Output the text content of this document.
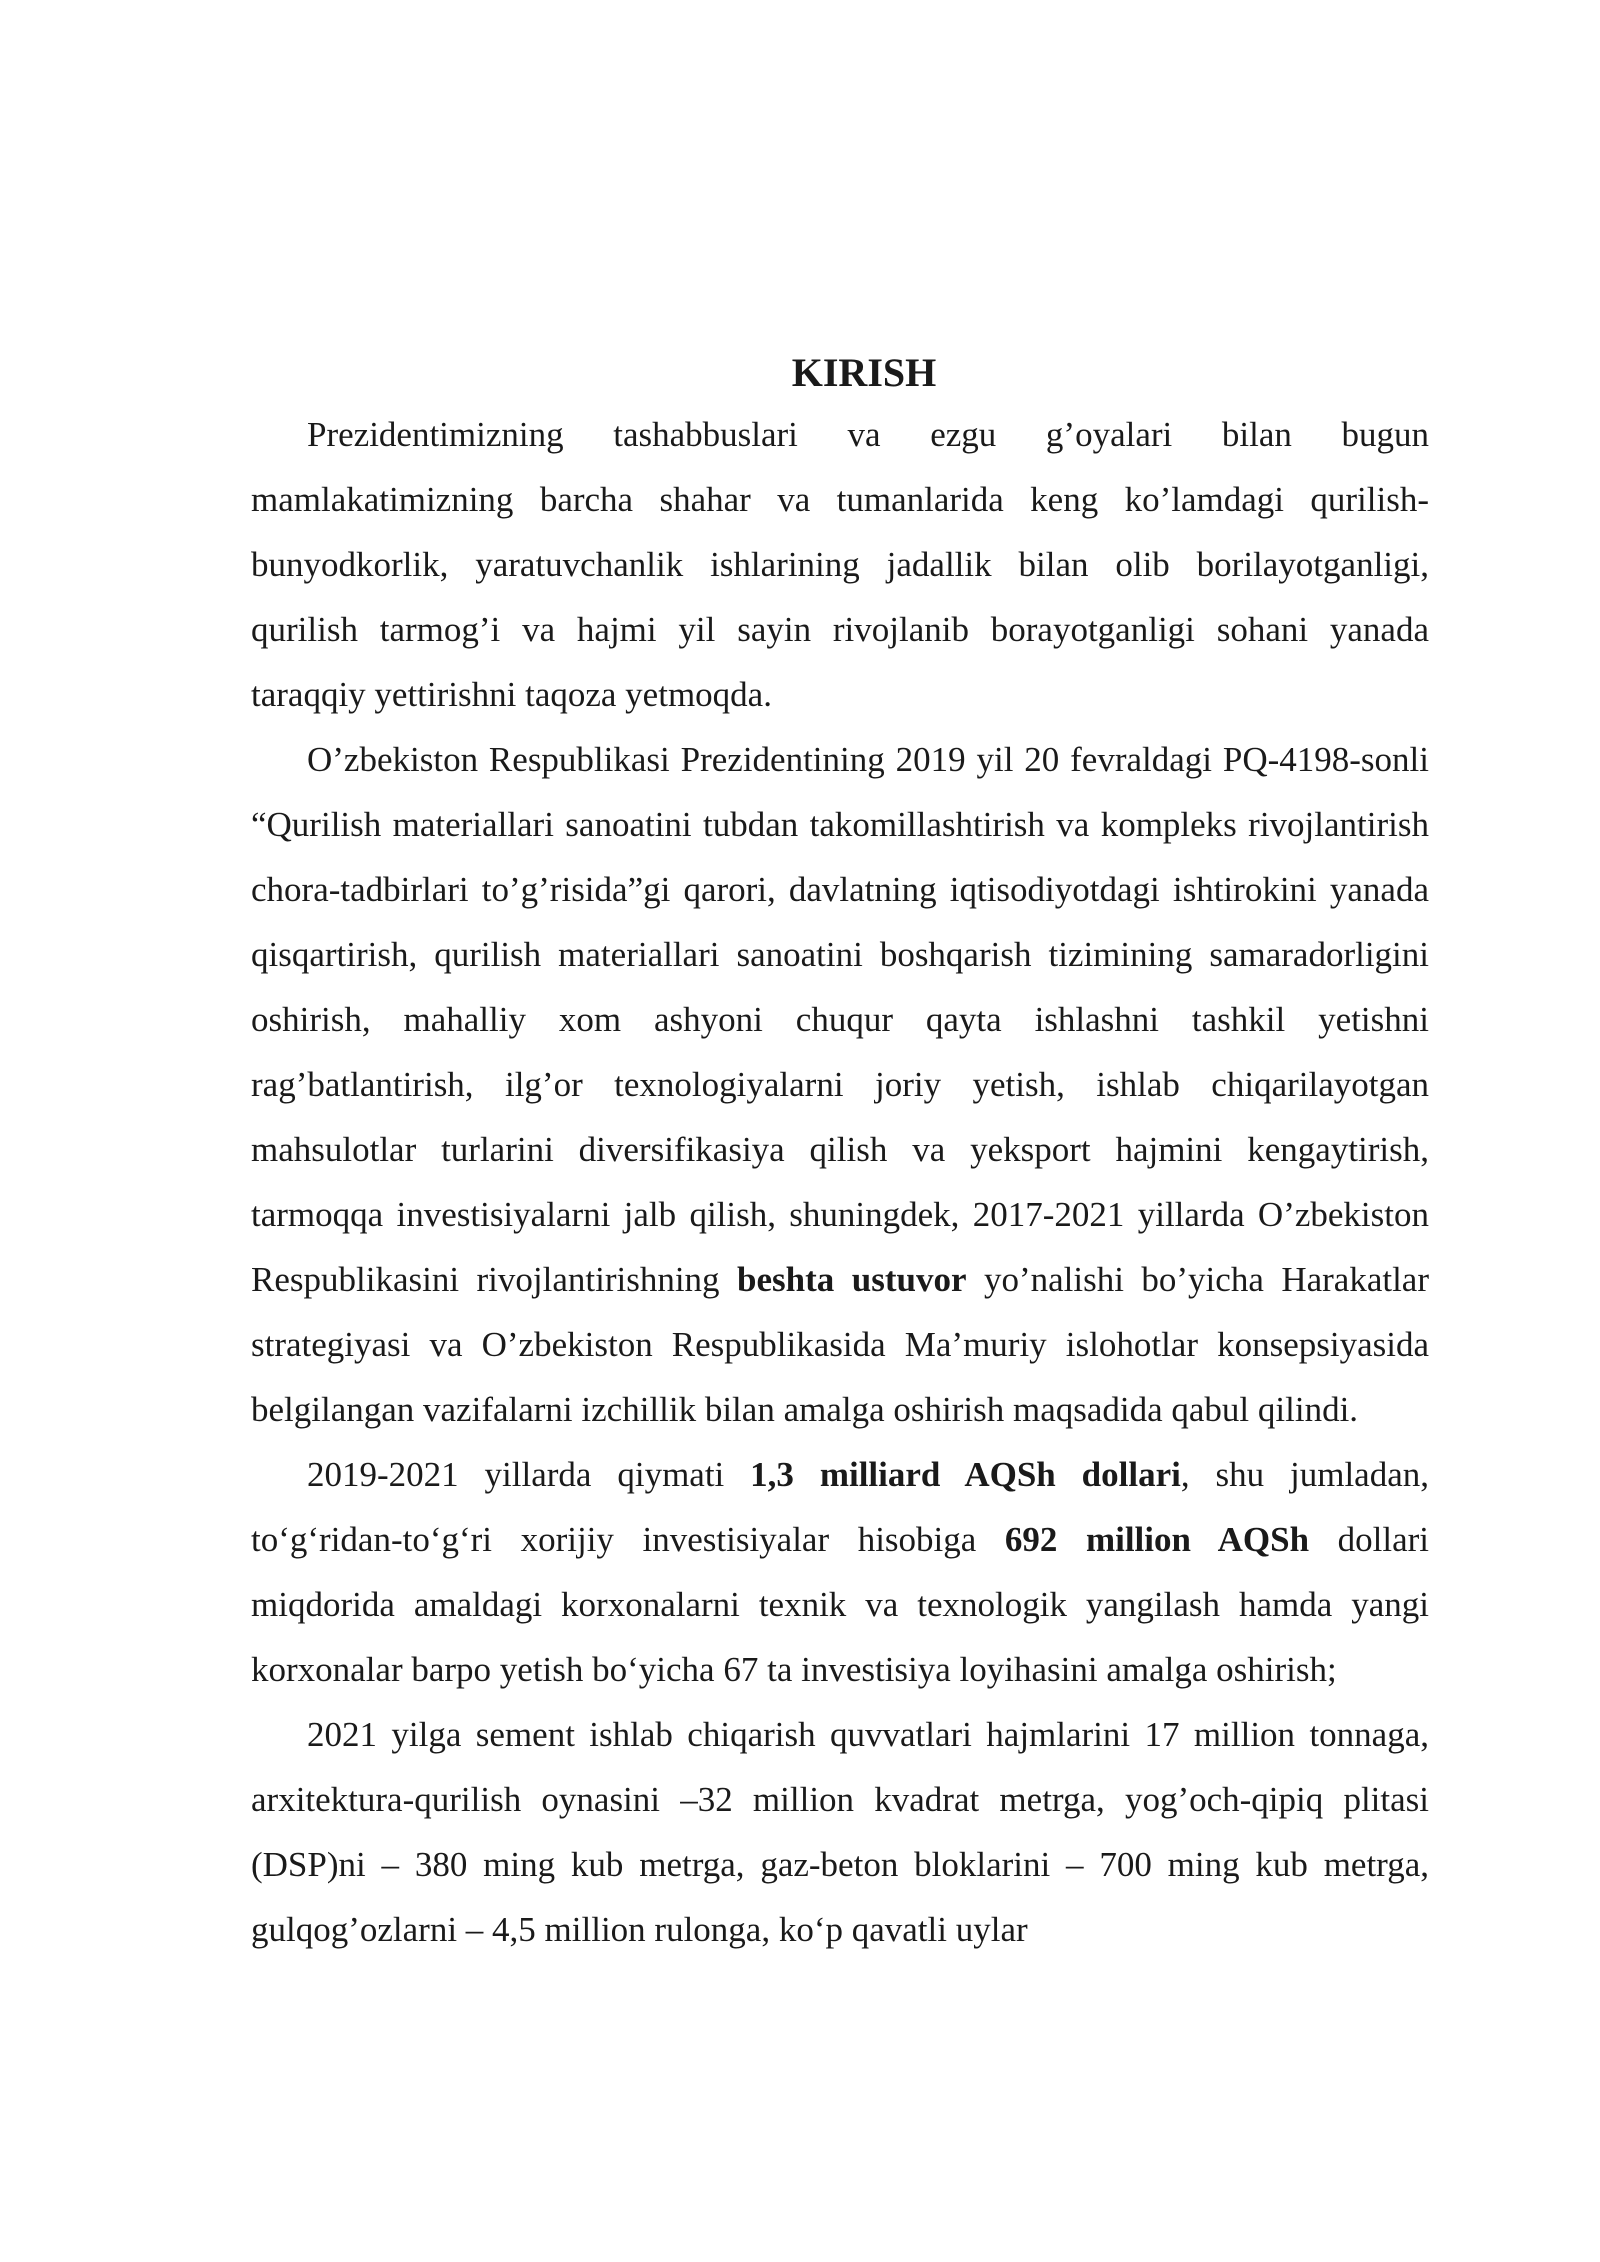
KIRISH

Prezidentimizning tashabbuslari va ezgu g’oyalari bilan bugun mamlakatimizning barcha shahar va tumanlarida keng ko’lamdagi qurilish-bunyodkorlik, yaratuvchanlik ishlarining jadallik bilan olib borilayotganligi, qurilish tarmog’i va hajmi yil sayin rivojlanib borayotganligi sohani yanada taraqqiy yettirishni taqoza yetmoqda.

O’zbekiston Respublikasi Prezidentining 2019 yil 20 fevraldagi PQ-4198-sonli “Qurilish materiallari sanoatini tubdan takomillashtirish va kompleks rivojlantirish chora-tadbirlari to’g’risida”gi qarori, davlatning iqtisodiyotdagi ishtirokini yanada qisqartirish, qurilish materiallari sanoatini boshqarish tizimining samaradorligini oshirish, mahalliy xom ashyoni chuqur qayta ishlashni tashkil yetishni rag’batlantirish, ilg’or texnologiyalarni joriy yetish, ishlab chiqarilayotgan mahsulotlar turlarini diversifikasiya qilish va yeksport hajmini kengaytirish, tarmoqqa investisiyalarni jalb qilish, shuningdek, 2017-2021 yillarda O’zbekiston Respublikasini rivojlantirishning beshta ustuvor yo’nalishi bo’yicha Harakatlar strategiyasi va O’zbekiston Respublikasida Ma’muriy islohotlar konsepsiyasida belgilangan vazifalarni izchillik bilan amalga oshirish maqsadida qabul qilindi.

2019-2021 yillarda qiymati 1,3 milliard AQSh dollari, shu jumladan, to‘g‘ridan-to‘g‘ri xorijiy investisiyalar hisobiga 692 million AQSh dollari miqdorida amaldagi korxonalarni texnik va texnologik yangilash hamda yangi korxonalar barpo yetish bo‘yicha 67 ta investisiya loyihasini amalga oshirish;

2021 yilga sement ishlab chiqarish quvvatlari hajmlarini 17 million tonnaga, arxitektura-qurilish oynasini –32 million kvadrat metrga, yog’och-qipiq plitasi (DSP)ni – 380 ming kub metrga, gaz-beton bloklarini – 700 ming kub metrga, gulqog’ozlarni – 4,5 million rulonga, ko‘p qavatli uylar
